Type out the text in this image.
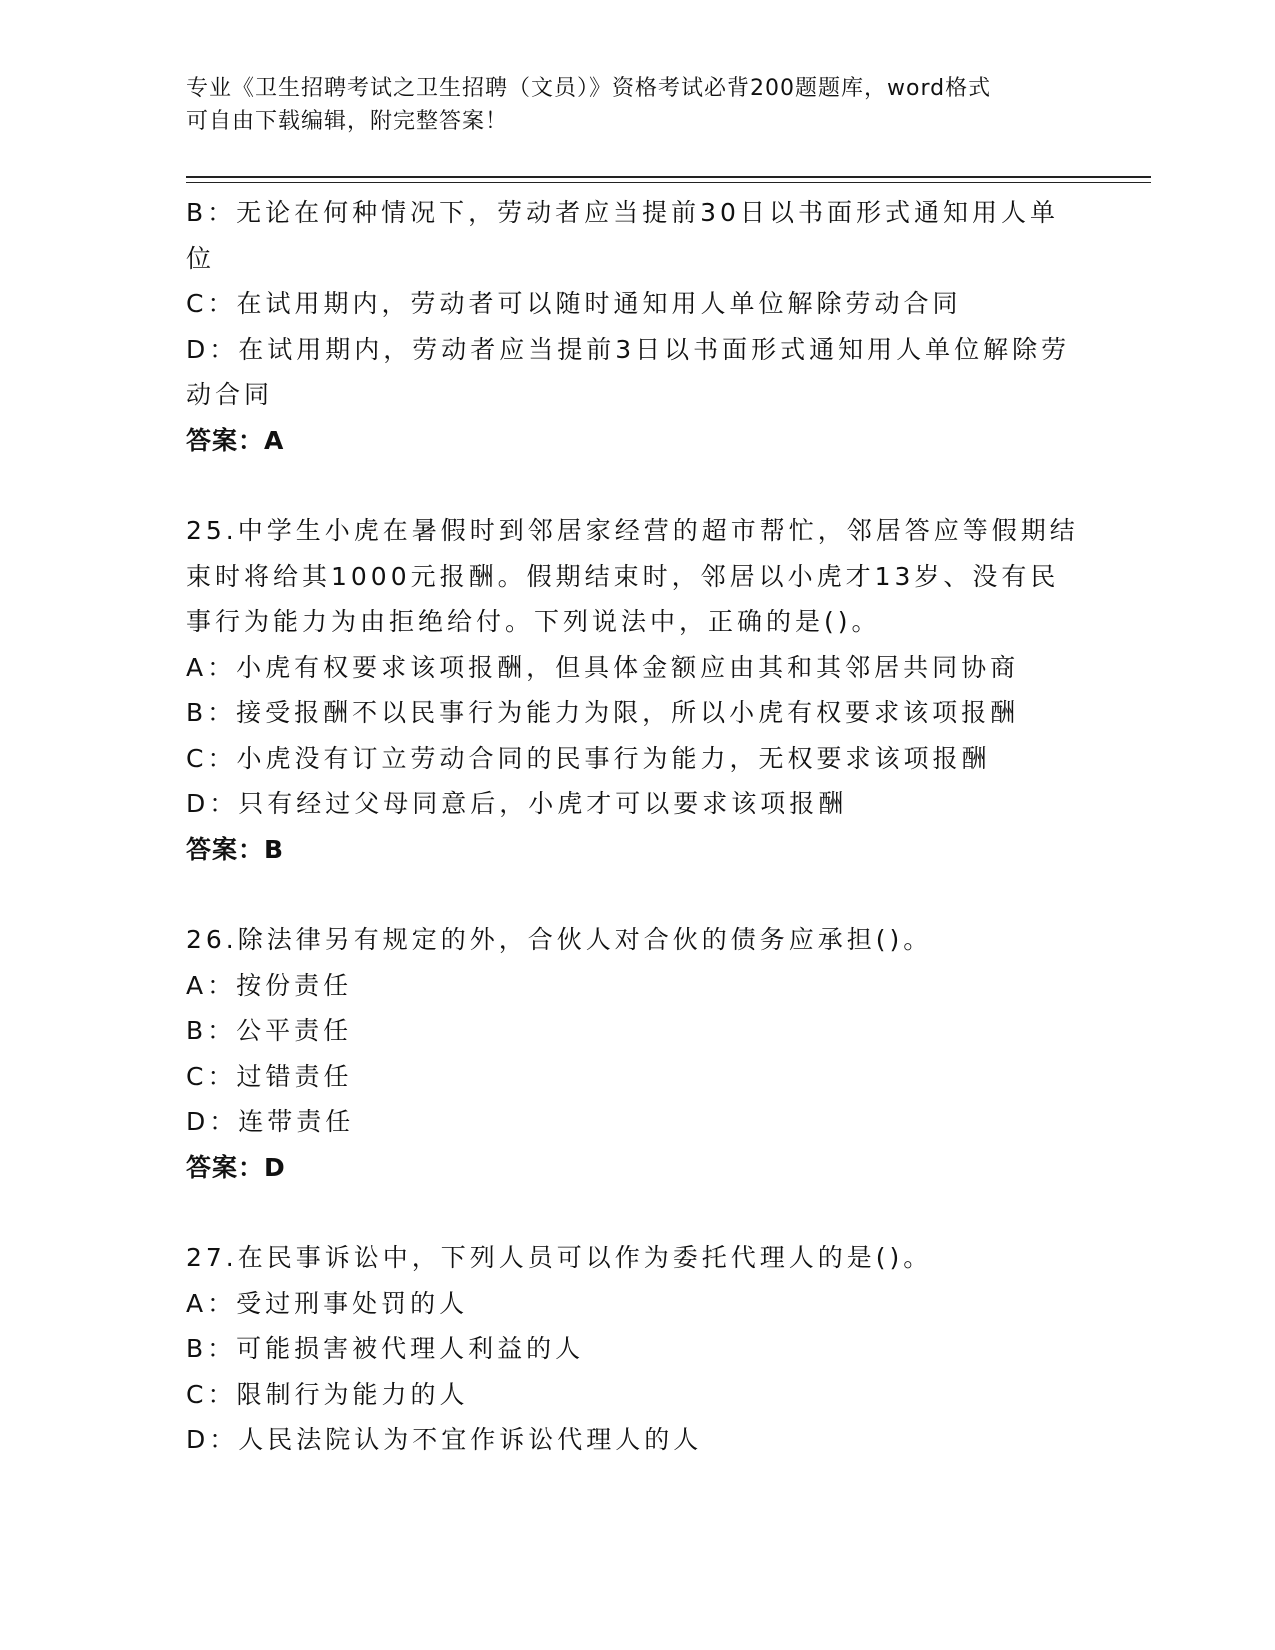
专业《卫生招聘考试之卫生招聘（文员）》资格考试必背200题题库，word格式
可自由下载编辑，附完整答案！
B：无论在何种情况下，劳动者应当提前30日以书面形式通知用人单
位
C：在试用期内，劳动者可以随时通知用人单位解除劳动合同
D：在试用期内，劳动者应当提前3日以书面形式通知用人单位解除劳
动合同
答案：A
25.中学生小虎在暑假时到邻居家经营的超市帮忙，邻居答应等假期结
束时将给其1000元报酬。假期结束时，邻居以小虎才13岁、没有民
事行为能力为由拒绝给付。下列说法中，正确的是()。
A：小虎有权要求该项报酬，但具体金额应由其和其邻居共同协商
B：接受报酬不以民事行为能力为限，所以小虎有权要求该项报酬
C：小虎没有订立劳动合同的民事行为能力，无权要求该项报酬
D：只有经过父母同意后，小虎才可以要求该项报酬
答案：B
26.除法律另有规定的外，合伙人对合伙的债务应承担()。
A：按份责任
B：公平责任
C：过错责任
D：连带责任
答案：D
27.在民事诉讼中，下列人员可以作为委托代理人的是()。
A：受过刑事处罚的人
B：可能损害被代理人利益的人
C：限制行为能力的人
D：人民法院认为不宜作诉讼代理人的人
